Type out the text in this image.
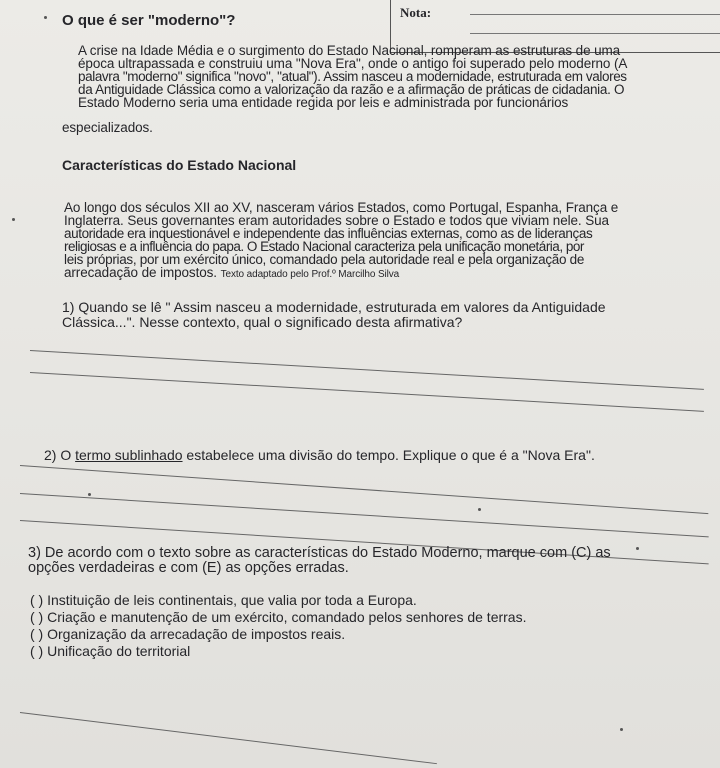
Nota:
O que é ser "moderno"?
A crise na Idade Média e o surgimento do Estado Nacional, romperam as estruturas de uma
época ultrapassada e construiu uma "Nova Era", onde o antigo foi superado pelo moderno (A
palavra "moderno" significa "novo", "atual"). Assim nasceu a modernidade, estruturada em valores
da Antiguidade Clássica como a valorização da razão e a afirmação de práticas de cidadania. O
Estado Moderno seria uma entidade regida por leis e administrada por funcionários
especializados.
Características do Estado Nacional
Ao longo dos séculos XII ao XV, nasceram vários Estados, como Portugal, Espanha, França e
Inglaterra. Seus governantes eram autoridades sobre o Estado e todos que viviam nele. Sua
autoridade era inquestionável e independente das influências externas, como as de lideranças
religiosas e a influência do papa. O Estado Nacional caracteriza pela unificação monetária, por
leis próprias, por um exército único, comandado pela autoridade real e pela organização de
arrecadação de impostos. Texto adaptado pelo Prof.º Marcilho Silva
1) Quando se lê " Assim nasceu a modernidade, estruturada em valores da Antiguidade
Clássica...". Nesse contexto, qual o significado desta afirmativa?
2) O termo sublinhado estabelece uma divisão do tempo. Explique o que é a "Nova Era".
3) De acordo com o texto sobre as características do Estado Moderno, marque com (C) as
opções verdadeiras e com (E) as opções erradas.
( ) Instituição de leis continentais, que valia por toda a Europa.
( ) Criação e manutenção de um exército, comandado pelos senhores de terras.
( ) Organização da arrecadação de impostos reais.
( ) Unificação do territorial
